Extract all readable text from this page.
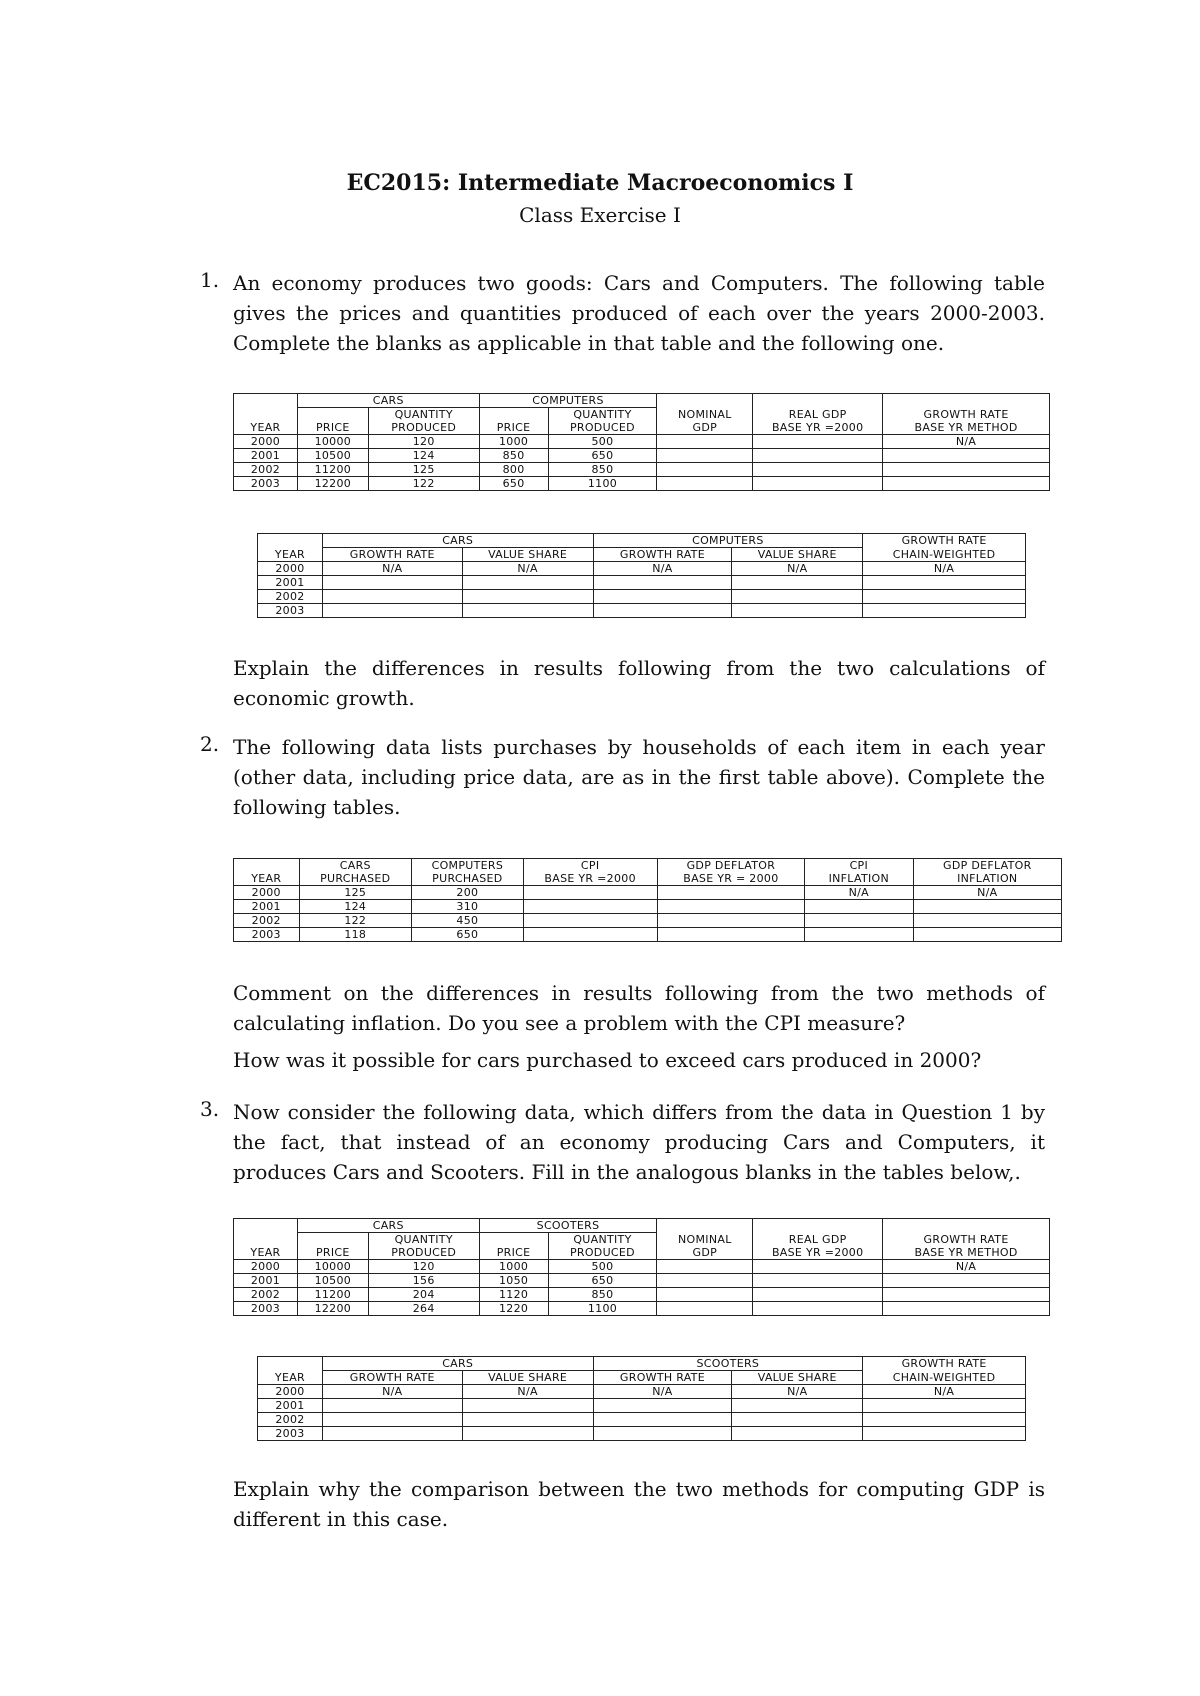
EC2015: Intermediate Macroeconomics I
Class Exercise I
1. An economy produces two goods: Cars and Computers. The following table gives the prices and quantities produced of each over the years 2000-2003. Complete the blanks as applicable in that table and the following one.
	CARS		COMPUTERS				
		QUANTITY		QUANTITY	NOMINAL	REAL GDP	GROWTH RATE
YEAR	PRICE	PRODUCED	PRICE	PRODUCED	GDP	BASE YR =2000	BASE YR METHOD
2000	10000	120	1000	500			N/A
2001	10500	124	850	650			
2002	11200	125	800	850			
2003	12200	122	650	1100			
	CARS		COMPUTERS		GROWTH RATE
YEAR	GROWTH RATE	VALUE SHARE	GROWTH RATE	VALUE SHARE	CHAIN-WEIGHTED
2000	N/A	N/A	N/A	N/A	N/A
2001					
2002					
2003					
Explain the differences in results following from the two calculations of economic growth.
2. The following data lists purchases by households of each item in each year (other data, including price data, are as in the first table above). Complete the following tables.
	CARS	COMPUTERS	CPI	GDP DEFLATOR	CPI	GDP DEFLATOR
YEAR	PURCHASED	PURCHASED	BASE YR =2000	BASE YR = 2000	INFLATION	INFLATION
2000	125	200			N/A	N/A
2001	124	310				
2002	122	450				
2003	118	650				
Comment on the differences in results following from the two methods of calculating inflation. Do you see a problem with the CPI measure?
How was it possible for cars purchased to exceed cars produced in 2000?
3. Now consider the following data, which differs from the data in Question 1 by the fact, that instead of an economy producing Cars and Computers, it produces Cars and Scooters. Fill in the analogous blanks in the tables below,.
	CARS		SCOOTERS				
		QUANTITY		QUANTITY	NOMINAL	REAL GDP	GROWTH RATE
YEAR	PRICE	PRODUCED	PRICE	PRODUCED	GDP	BASE YR =2000	BASE YR METHOD
2000	10000	120	1000	500			N/A
2001	10500	156	1050	650			
2002	11200	204	1120	850			
2003	12200	264	1220	1100			
	CARS		SCOOTERS		GROWTH RATE
YEAR	GROWTH RATE	VALUE SHARE	GROWTH RATE	VALUE SHARE	CHAIN-WEIGHTED
2000	N/A	N/A	N/A	N/A	N/A
2001					
2002					
2003					
Explain why the comparison between the two methods for computing GDP is different in this case.
